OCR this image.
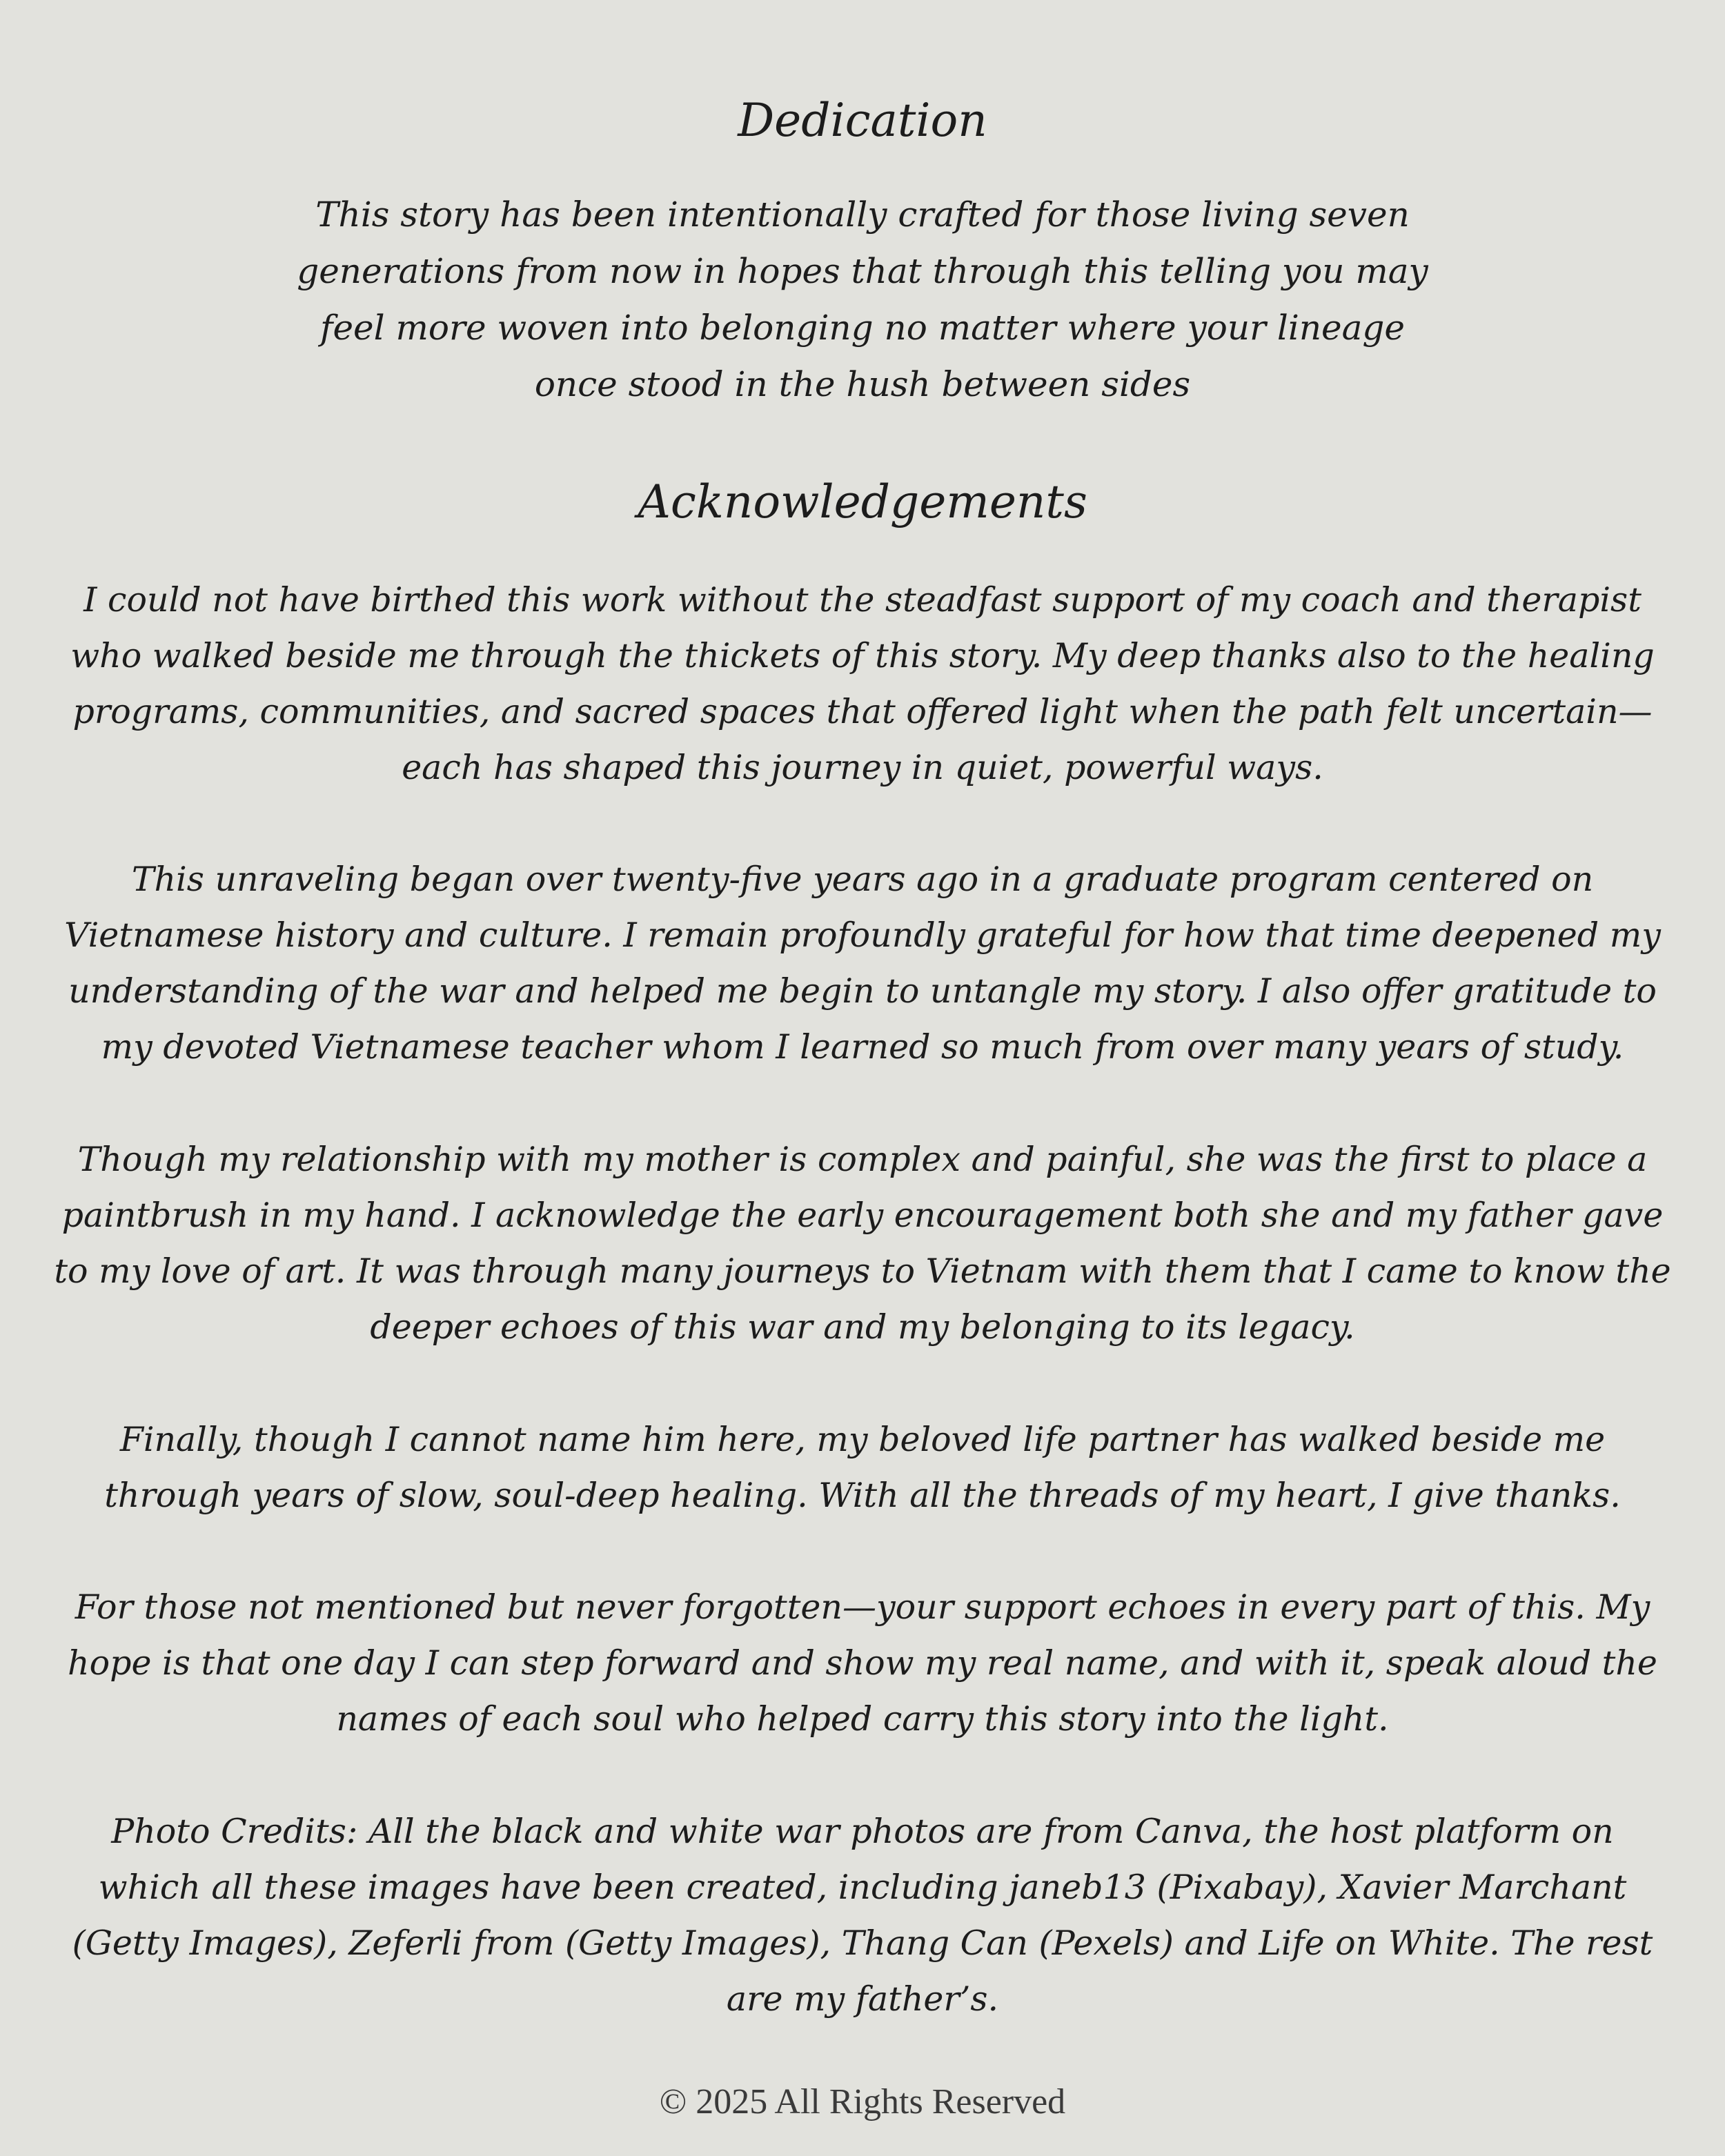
Dedication

This story has been intentionally crafted for those living seven
generations from now in hopes that through this telling you may
feel more woven into belonging no matter where your lineage
once stood in the hush between sides

Acknowledgements

I could not have birthed this work without the steadfast support of my coach and therapist
who walked beside me through the thickets of this story. My deep thanks also to the healing
programs, communities, and sacred spaces that offered light when the path felt uncertain—
each has shaped this journey in quiet, powerful ways.

This unraveling began over twenty-five years ago in a graduate program centered on
Vietnamese history and culture. I remain profoundly grateful for how that time deepened my
understanding of the war and helped me begin to untangle my story. I also offer gratitude to
my devoted Vietnamese teacher whom I learned so much from over many years of study.

Though my relationship with my mother is complex and painful, she was the first to place a
paintbrush in my hand. I acknowledge the early encouragement both she and my father gave
to my love of art. It was through many journeys to Vietnam with them that I came to know the
deeper echoes of this war and my belonging to its legacy.

Finally, though I cannot name him here, my beloved life partner has walked beside me
through years of slow, soul-deep healing. With all the threads of my heart, I give thanks.

For those not mentioned but never forgotten—your support echoes in every part of this. My
hope is that one day I can step forward and show my real name, and with it, speak aloud the
names of each soul who helped carry this story into the light.

Photo Credits: All the black and white war photos are from Canva, the host platform on
which all these images have been created, including janeb13 (Pixabay), Xavier Marchant
(Getty Images), Zeferli from (Getty Images), Thang Can (Pexels) and Life on White. The rest
are my father’s.

© 2025 All Rights Reserved
